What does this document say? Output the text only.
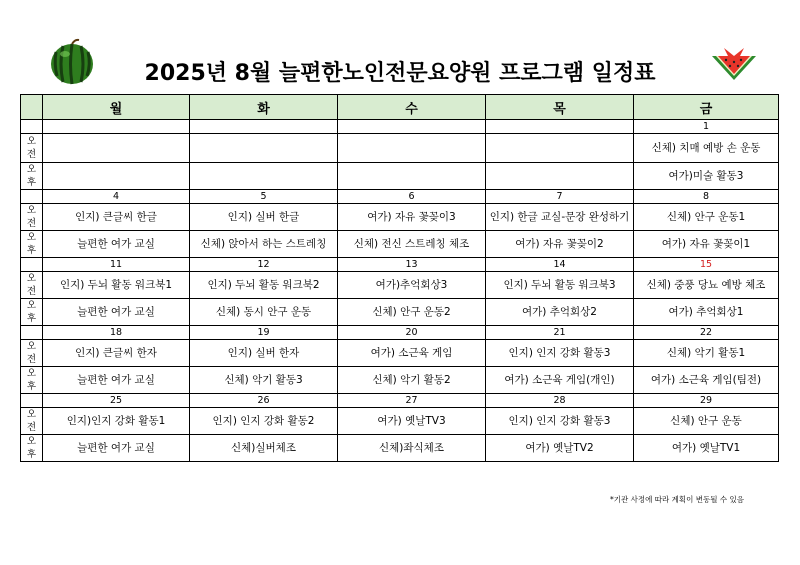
2025년 8월 늘편한노인전문요양원 프로그램 일정표
	월	화	수	목	금
					1

오
전					신체) 치매 예방 손 운동

오
후					여가)미술 활동3
	4	5	6	7	8

오
전	인지) 큰글씨 한글	인지) 실버 한글	여가) 자유 꽃꽂이3	인지) 한글 교실-문장 완성하기	신체) 안구 운동1

오
후	늘편한 여가 교실	신체) 앉아서 하는 스트레칭	신체) 전신 스트레칭 체조	여가) 자유 꽃꽂이2	여가) 자유 꽃꽂이1
	11	12	13	14	15

오
전	인지) 두뇌 활동 워크북1	인지) 두뇌 활동 워크북2	여가)추억회상3	인지) 두뇌 활동 워크북3	신체) 중풍 당뇨 예방 체조

오
후	늘편한 여가 교실	신체) 동시 안구 운동	신체) 안구 운동2	여가) 추억회상2	여가) 추억회상1
	18	19	20	21	22

오
전	인지) 큰글씨 한자	인지) 실버 한자	여가) 소근육 게임	인지) 인지 강화 활동3	신체) 악기 활동1

오
후	늘편한 여가 교실	신체) 악기 활동3	신체) 악기 활동2	여가) 소근육 게임(개인)	여가) 소근육 게임(팀전)
	25	26	27	28	29

오
전	인지)인지 강화 활동1	인지) 인지 강화 활동2	여가) 옛날TV3	인지) 인지 강화 활동3	신체) 안구 운동

오
후	늘편한 여가 교실	신체)실버체조	신체)좌식체조	여가) 옛날TV2	여가) 옛날TV1
*기관 사정에 따라 계획이 변동될 수 있음
